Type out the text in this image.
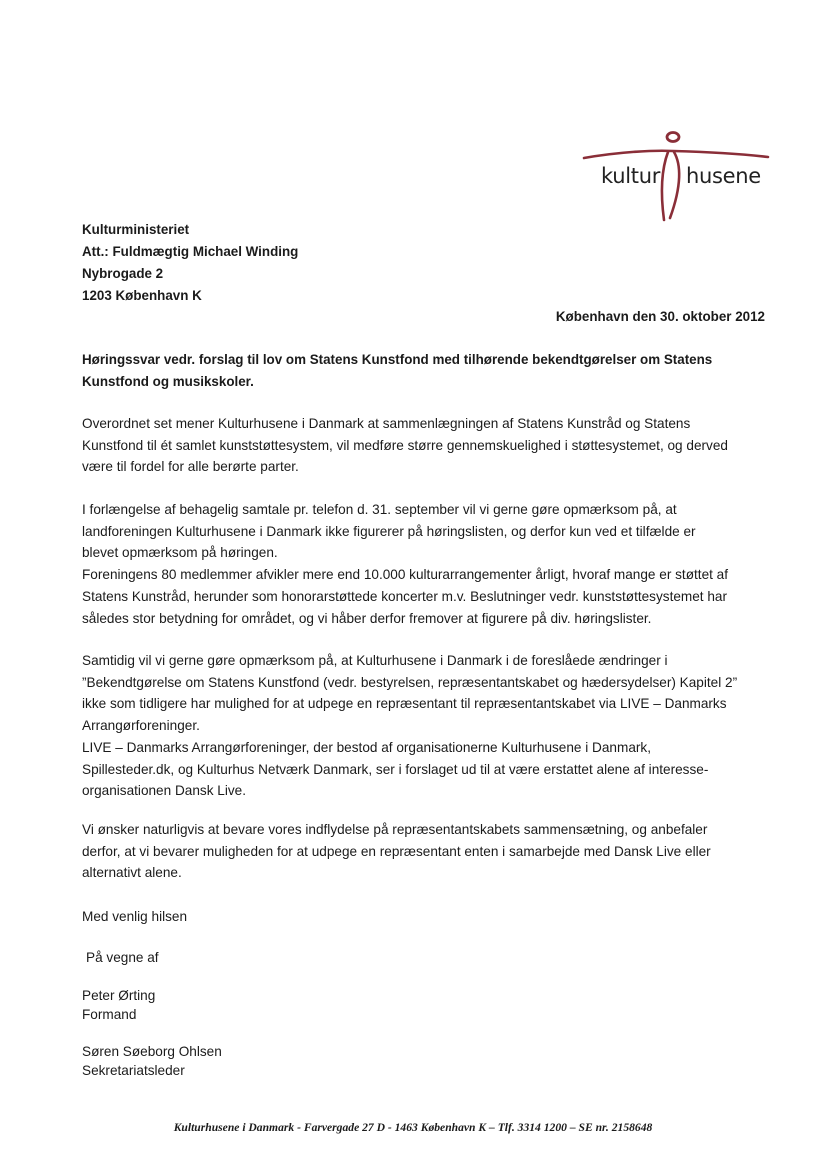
kultur husene
Kulturministeriet
Att.: Fuldmægtig Michael Winding
Nybrogade 2
1203 København K
København den 30. oktober 2012
Høringssvar vedr. forslag til lov om Statens Kunstfond med tilhørende bekendtgørelser om Statens
Kunstfond og musikskoler.
Overordnet set mener Kulturhusene i Danmark at sammenlægningen af Statens Kunstråd og Statens
Kunstfond til ét samlet kunststøttesystem, vil medføre større gennemskuelighed i støttesystemet, og derved
være til fordel for alle berørte parter.
I forlængelse af behagelig samtale pr. telefon d. 31. september vil vi gerne gøre opmærksom på, at
landforeningen Kulturhusene i Danmark ikke figurerer på høringslisten, og derfor kun ved et tilfælde er
blevet opmærksom på høringen.
Foreningens 80 medlemmer afvikler mere end 10.000 kulturarrangementer årligt, hvoraf mange er støttet af
Statens Kunstråd, herunder som honorarstøttede koncerter m.v. Beslutninger vedr. kunststøttesystemet har
således stor betydning for området, og vi håber derfor fremover at figurere på div. høringslister.
Samtidig vil vi gerne gøre opmærksom på, at Kulturhusene i Danmark i de foreslåede ændringer i
”Bekendtgørelse om Statens Kunstfond (vedr. bestyrelsen, repræsentantskabet og hædersydelser) Kapitel 2”
ikke som tidligere har mulighed for at udpege en repræsentant til repræsentantskabet via LIVE – Danmarks
Arrangørforeninger.
LIVE – Danmarks Arrangørforeninger, der bestod af organisationerne Kulturhusene i Danmark,
Spillesteder.dk, og Kulturhus Netværk Danmark, ser i forslaget ud til at være erstattet alene af interesse-
organisationen Dansk Live.
Vi ønsker naturligvis at bevare vores indflydelse på repræsentantskabets sammensætning, og anbefaler
derfor, at vi bevarer muligheden for at udpege en repræsentant enten i samarbejde med Dansk Live eller
alternativt alene.
Med venlig hilsen
På vegne af
Peter Ørting
Formand
Søren Søeborg Ohlsen
Sekretariatsleder
Kulturhusene i Danmark - Farvergade 27 D - 1463 København K – Tlf. 3314 1200 – SE nr. 2158648
